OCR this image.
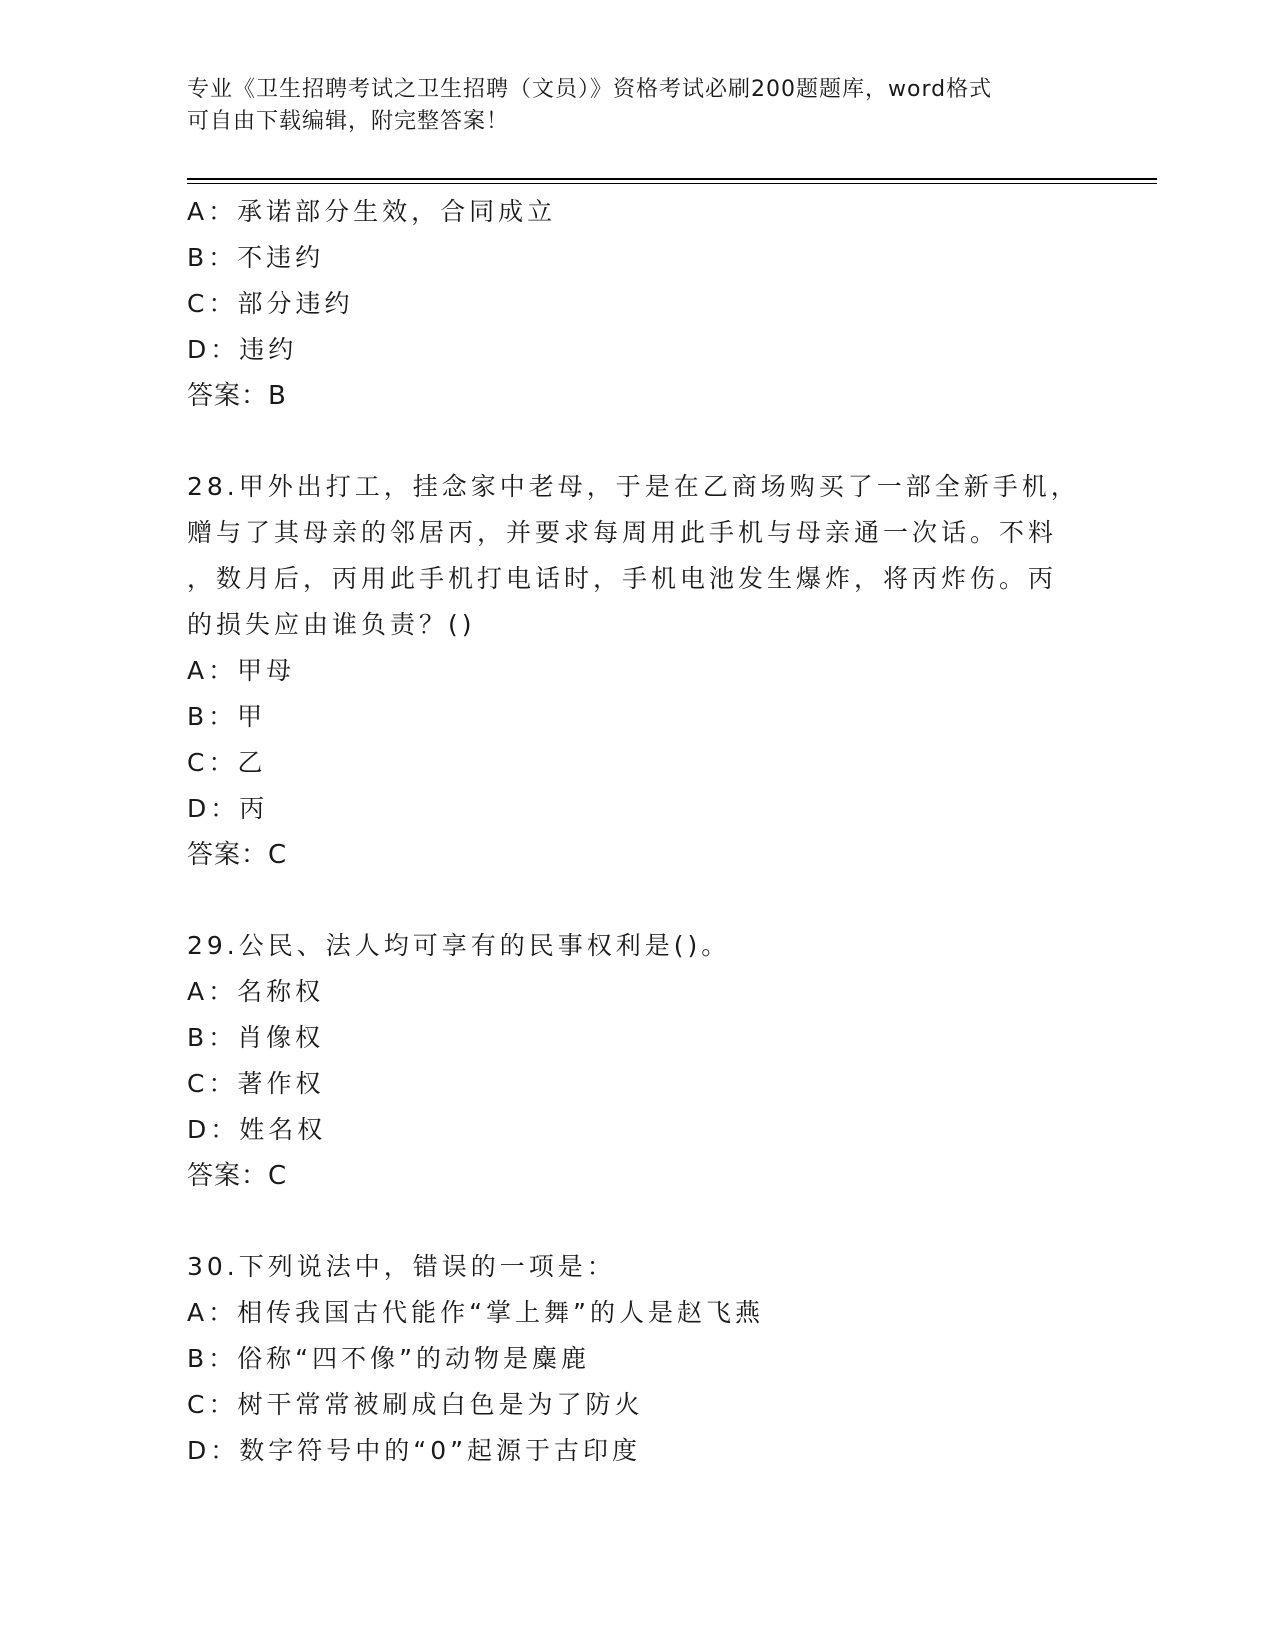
专业《卫生招聘考试之卫生招聘（文员）》资格考试必刷200题题库，word格式
可自由下载编辑，附完整答案！
A：承诺部分生效，合同成立
B：不违约
C：部分违约
D：违约
答案：B
28.甲外出打工，挂念家中老母，于是在乙商场购买了一部全新手机，
赠与了其母亲的邻居丙，并要求每周用此手机与母亲通一次话。不料
，数月后，丙用此手机打电话时，手机电池发生爆炸，将丙炸伤。丙
的损失应由谁负责？()
A：甲母
B：甲
C：乙
D：丙
答案：C
29.公民、法人均可享有的民事权利是()。
A：名称权
B：肖像权
C：著作权
D：姓名权
答案：C
30.下列说法中，错误的一项是：
A：相传我国古代能作“掌上舞”的人是赵飞燕
B：俗称“四不像”的动物是麋鹿
C：树干常常被刷成白色是为了防火
D：数字符号中的“0”起源于古印度
